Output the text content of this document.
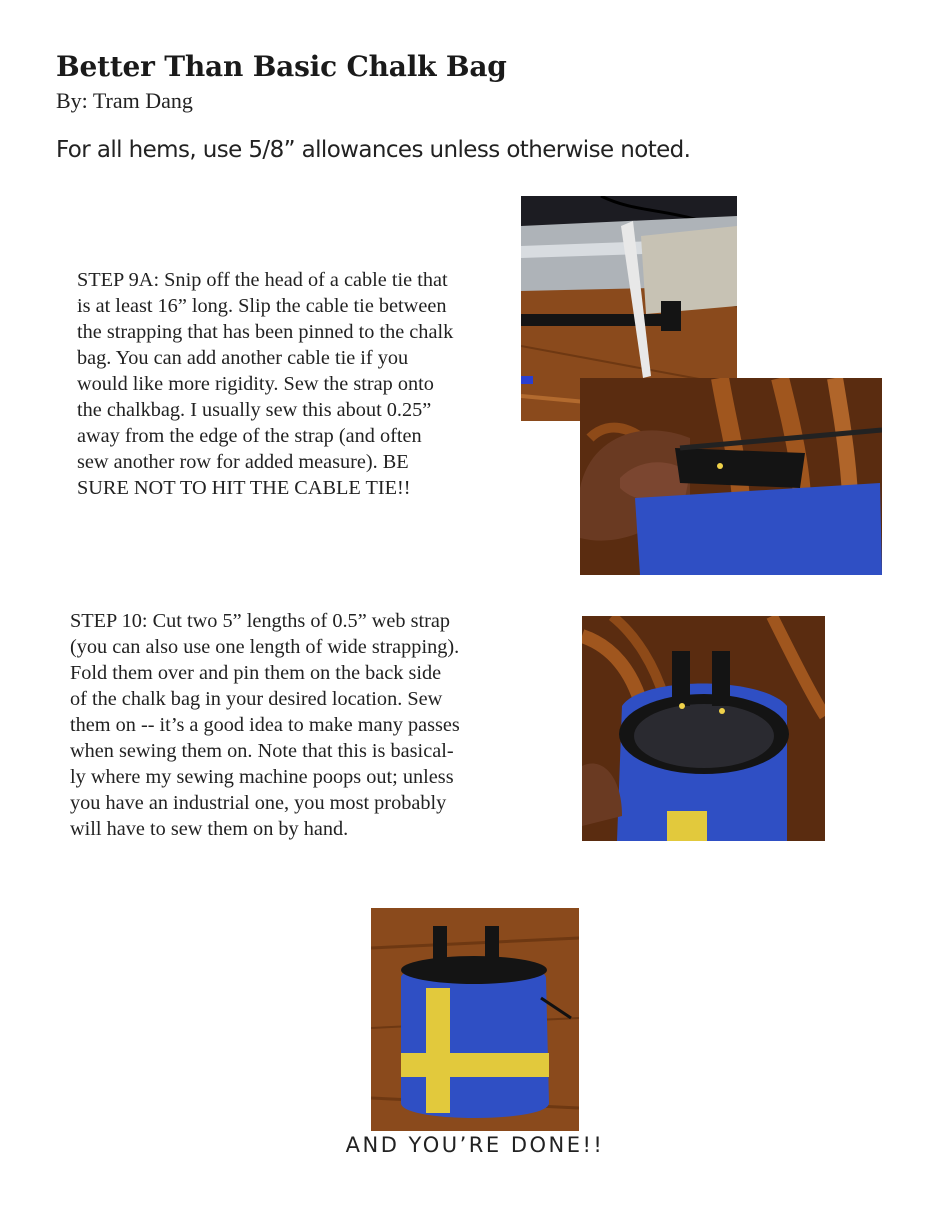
Better Than Basic Chalk Bag
By: Tram Dang
For all hems, use 5/8” allowances unless otherwise noted.
STEP 9A: Snip off the head of a cable tie that
is at least 16” long. Slip the cable tie between
the strapping that has been pinned to the chalk
bag. You can add another cable tie if you
would like more rigidity. Sew the strap onto
the chalkbag. I usually sew this about 0.25”
away from the edge of the strap (and often
sew another row for added measure). BE
SURE NOT TO HIT THE CABLE TIE!!
STEP 10: Cut two 5” lengths of 0.5” web strap
(you can also use one length of wide strapping).
Fold them over and pin them on the back side
of the chalk bag in your desired location. Sew
them on -- it’s a good idea to make many passes
when sewing them on. Note that this is basical-
ly where my sewing machine poops out; unless
you have an industrial one, you most probably
will have to sew them on by hand.
AND YOU’RE DONE!!
